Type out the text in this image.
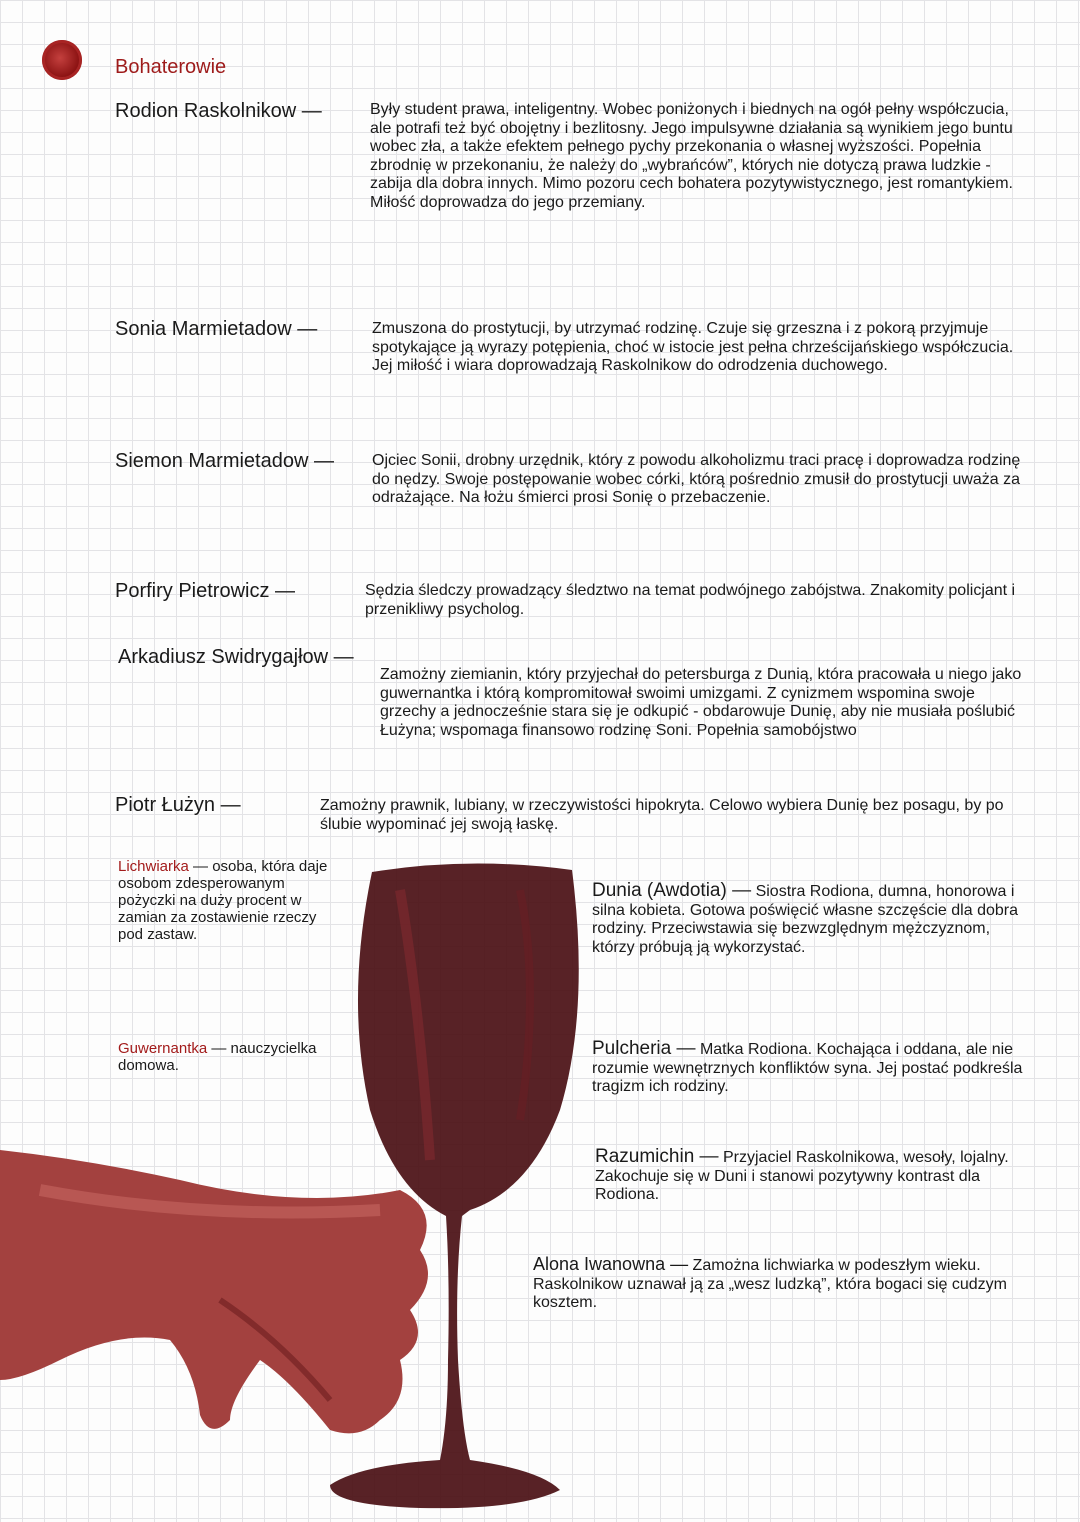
Bohaterowie
Rodion Raskolnikow —	Były student prawa, inteligentny. Wobec poniżonych i biednych na ogół pełny współczucia, ale potrafi też być obojętny i bezlitosny. Jego impulsywne działania są wynikiem jego buntu wobec zła, a także efektem pełnego pychy przekonania o własnej wyższości. Popełnia zbrodnię w przekonaniu, że należy do „wybrańców”, których nie dotyczą prawa ludzkie - zabija dla dobra innych. Mimo pozoru cech bohatera pozytywistycznego, jest romantykiem. Miłość doprowadza do jego przemiany.
Sonia Marmietadow —	Zmuszona do prostytucji, by utrzymać rodzinę. Czuje się grzeszna i z pokorą przyjmuje spotykające ją wyrazy potępienia, choć w istocie jest pełna chrześcijańskiego współczucia. Jej miłość i wiara doprowadzają Raskolnikow do odrodzenia duchowego.
Siemon Marmietadow — Ojciec Sonii, drobny urzędnik, który z powodu alkoholizmu traci pracę i doprowadza rodzinę do nędzy. Swoje postępowanie wobec córki, którą pośrednio zmusił do prostytucji uważa za odrażające. Na łożu śmierci prosi Sonię o przebaczenie.
Porfiry Pietrowicz —	Sędzia śledczy prowadzący śledztwo na temat podwójnego zabójstwa. Znakomity policjant i przenikliwy psycholog.
Arkadiusz Swidrygajłow —
Zamożny ziemianin, który przyjechał do petersburga z Dunią, która pracowała u niego jako guwernantka i którą kompromitował swoimi umizgami. Z cynizmem wspomina swoje grzechy a jednocześnie stara się je odkupić - obdarowuje Dunię, aby nie musiała poślubić Łużyna; wspomaga finansowo rodzinę Soni. Popełnia samobójstwo
Piotr Łużyn —	Zamożny prawnik, lubiany, w rzeczywistości hipokryta. Celowo wybiera Dunię bez posagu, by po ślubie wypominać jej swoją łaskę.
Lichwiarka — osoba, która daje osobom zdesperowanym pożyczki na duży procent w zamian za zostawienie rzeczy pod zastaw.
Guwernantka — nauczycielka domowa.
Dunia (Awdotia) — Siostra Rodiona, dumna, honorowa i silna kobieta. Gotowa poświęcić własne szczęście dla dobra rodziny. Przeciwstawia się bezwzględnym mężczyznom, którzy próbują ją wykorzystać.
Pulcheria — Matka Rodiona. Kochająca i oddana, ale nie rozumie wewnętrznych konfliktów syna. Jej postać podkreśla tragizm ich rodziny.
Razumichin — Przyjaciel Raskolnikowa, wesoły, lojalny. Zakochuje się w Duni i stanowi pozytywny kontrast dla Rodiona.
Alona Iwanowna — Zamożna lichwiarka w podeszłym wieku. Raskolnikow uznawał ją za „wesz ludzką”, która bogaci się cudzym kosztem.
